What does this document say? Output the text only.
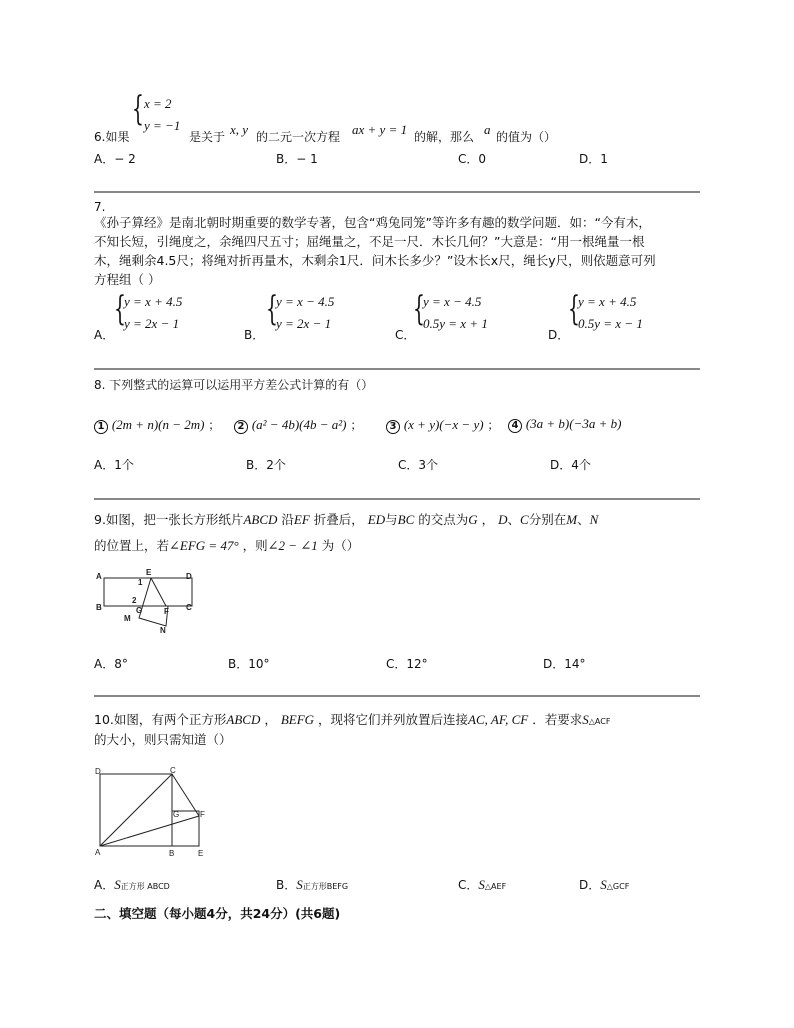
{ x = 2
y = −1
6.如果	是关于 x, y 的二元一次方程 ax + y = 1 的解，那么 a 的值为（）
A．− 2	B．− 1	C．0	D．1
7.
《孙子算经》是南北朝时期重要的数学专著，包含“鸡兔同笼”等许多有趣的数学问题．如：“今有木，
不知长短，引绳度之，余绳四尺五寸；屈绳量之，不足一尺．木长几何？”大意是：“用一根绳量一根
木，绳剩余4.5尺；将绳对折再量木，木剩余1尺．问木长多少？”设木长x尺，绳长y尺，则依题意可列
方程组（ ）
A．
{
y = x + 4.5
y = 2x − 1
B．
{
y = x − 4.5
y = 2x − 1
C．
{
y = x − 4.5
0.5y = x + 1
D．
{
y = x + 4.5
0.5y = x − 1
8. 下列整式的运算可以运用平方差公式计算的有（）
1 (2m + n)(n − 2m) ；	2 (a² − 4b)(4b − a²) ；	3 (x + y)(−x − y) ；	4 (3a + b)(−3a + b)
A．1个	B．2个	C．3个	D．4个
9.如图，把一张长方形纸片ABCD 沿EF 折叠后， ED与BC 的交点为G ， D、C分别在M、N
的位置上，若∠EFG = 47° ，则∠2 − ∠1 为（）
A
B	C
D
E
F
G
M
N
1
2
A．8°	B．10°	C．12°	D．14°
10.如图，有两个正方形ABCD ， BEFG ，现将它们并列放置后连接AC, AF, CF ．若要求S△ACF
的大小，则只需知道（）
D	C
A	B	E
F
G
A．S正方形 ABCD	B．S正方形BEFG	C．S△AEF	D．S△GCF
二、填空题（每小题4分，共24分）(共6题)
